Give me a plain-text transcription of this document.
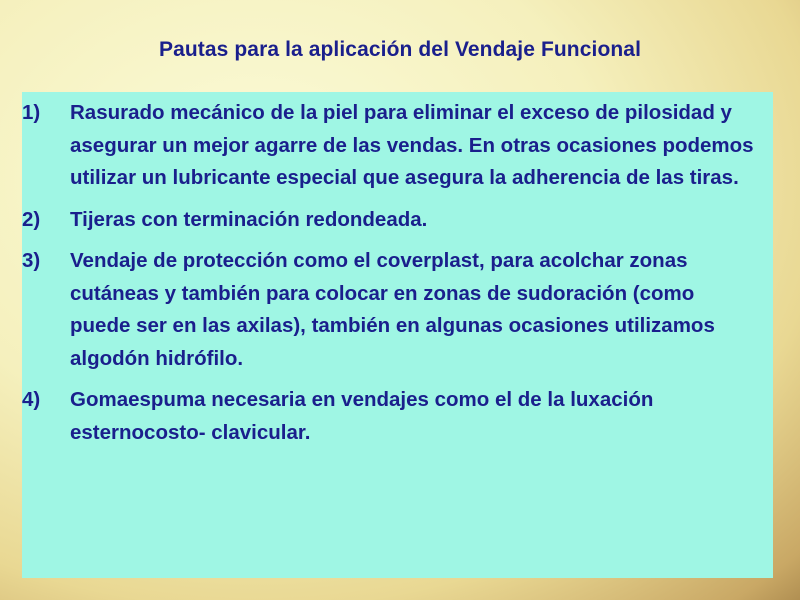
Pautas para la aplicación del Vendaje Funcional
1) Rasurado mecánico de la piel para eliminar el exceso de pilosidad y asegurar un mejor agarre de las vendas. En otras ocasiones podemos utilizar un lubricante especial que asegura la adherencia de las tiras.
2) Tijeras con terminación redondeada.
3) Vendaje de protección como el coverplast, para acolchar zonas cutáneas y también para colocar en zonas de sudoración (como puede ser en las axilas), también en algunas ocasiones utilizamos algodón hidrófilo.
4) Gomaespuma necesaria en vendajes como el de la luxación esternocosto- clavicular.
